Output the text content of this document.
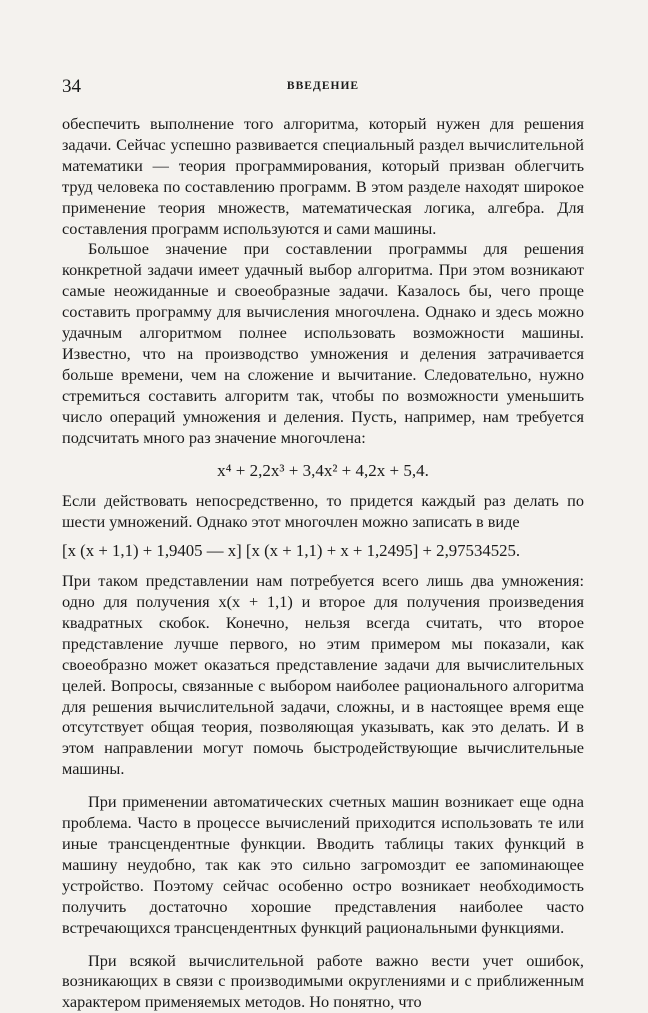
34	ВВЕДЕНИЕ

обеспечить выполнение того алгоритма, который нужен для решения задачи. Сейчас успешно развивается специальный раздел вычислительной математики — теория программирования, который призван облегчить труд человека по составлению программ. В этом разделе находят широкое применение теория множеств, математическая логика, алгебра. Для составления программ используются и сами машины.

Большое значение при составлении программы для решения конкретной задачи имеет удачный выбор алгоритма. При этом возникают самые неожиданные и своеобразные задачи. Казалось бы, чего проще составить программу для вычисления многочлена. Однако и здесь можно удачным алгоритмом полнее использовать возможности машины. Известно, что на производство умножения и деления затрачивается больше времени, чем на сложение и вычитание. Следовательно, нужно стремиться составить алгоритм так, чтобы по возможности уменьшить число операций умножения и деления. Пусть, например, нам требуется подсчитать много раз значение многочлена:

x⁴ + 2,2x³ + 3,4x² + 4,2x + 5,4.

Если действовать непосредственно, то придется каждый раз делать по шести умножений. Однако этот многочлен можно записать в виде

[x (x + 1,1) + 1,9405 — x] [x (x + 1,1) + x + 1,2495] + 2,97534525.

При таком представлении нам потребуется всего лишь два умножения: одно для получения x(x + 1,1) и второе для получения произведения квадратных скобок. Конечно, нельзя всегда считать, что второе представление лучше первого, но этим примером мы показали, как своеобразно может оказаться представление задачи для вычислительных целей. Вопросы, связанные с выбором наиболее рационального алгоритма для решения вычислительной задачи, сложны, и в настоящее время еще отсутствует общая теория, позволяющая указывать, как это делать. И в этом направлении могут помочь быстродействующие вычислительные машины.

При применении автоматических счетных машин возникает еще одна проблема. Часто в процессе вычислений приходится использовать те или иные трансцендентные функции. Вводить таблицы таких функций в машину неудобно, так как это сильно загромоздит ее запоминающее устройство. Поэтому сейчас особенно остро возникает необходимость получить достаточно хорошие представления наиболее часто встречающихся трансцендентных функций рациональными функциями.

При всякой вычислительной работе важно вести учет ошибок, возникающих в связи с производимыми округлениями и с приближенным характером применяемых методов. Но понятно, что
